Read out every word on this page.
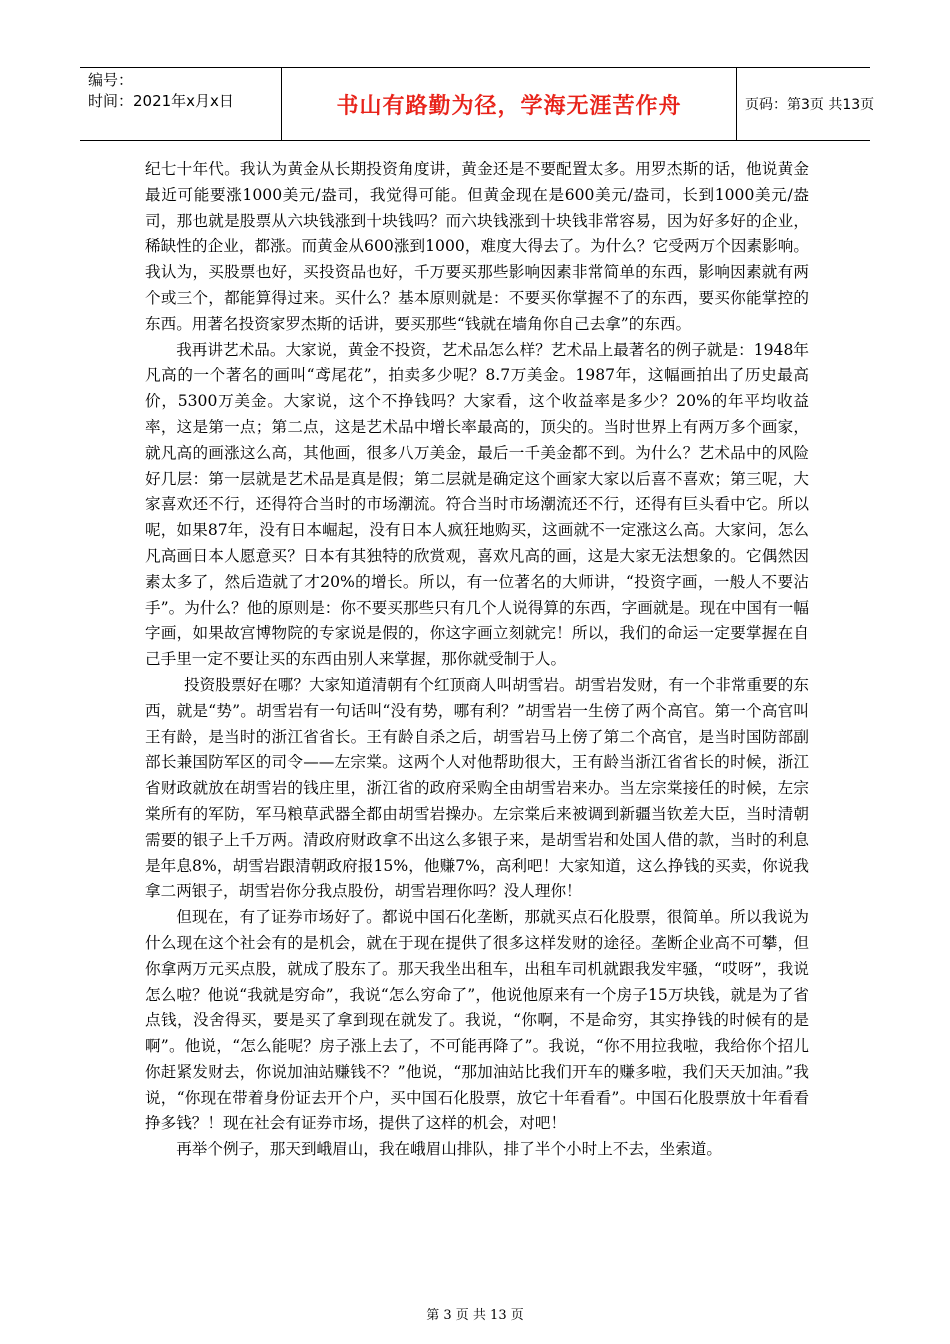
编号：
时间：2021年x月x日	书山有路勤为径，学海无涯苦作舟	页码：第3页 共13页

纪七十年代。我认为黄金从长期投资角度讲，黄金还是不要配置太多。用罗杰斯的话，他说黄金最近可能要涨1000美元/盎司，我觉得可能。但黄金现在是600美元/盎司，长到1000美元/盎司，那也就是股票从六块钱涨到十块钱吗？而六块钱涨到十块钱非常容易，因为好多好的企业，稀缺性的企业，都涨。而黄金从600涨到1000，难度大得去了。为什么？它受两万个因素影响。我认为，买股票也好，买投资品也好，千万要买那些影响因素非常简单的东西，影响因素就有两个或三个，都能算得过来。买什么？基本原则就是：不要买你掌握不了的东西，要买你能掌控的东西。用著名投资家罗杰斯的话讲，要买那些“钱就在墙角你自己去拿”的东西。

我再讲艺术品。大家说，黄金不投资，艺术品怎么样？艺术品上最著名的例子就是：1948年凡高的一个著名的画叫“鸢尾花”，拍卖多少呢？8.7万美金。1987年，这幅画拍出了历史最高价，5300万美金。大家说，这个不挣钱吗？大家看，这个收益率是多少？20%的年平均收益率，这是第一点；第二点，这是艺术品中增长率最高的，顶尖的。当时世界上有两万多个画家，就凡高的画涨这么高，其他画，很多八万美金，最后一千美金都不到。为什么？艺术品中的风险好几层：第一层就是艺术品是真是假；第二层就是确定这个画家大家以后喜不喜欢；第三呢，大家喜欢还不行，还得符合当时的市场潮流。符合当时市场潮流还不行，还得有巨头看中它。所以呢，如果87年，没有日本崛起，没有日本人疯狂地购买，这画就不一定涨这么高。大家问，怎么凡高画日本人愿意买？日本有其独特的欣赏观，喜欢凡高的画，这是大家无法想象的。它偶然因素太多了，然后造就了才20%的增长。所以，有一位著名的大师讲，“投资字画，一般人不要沾手”。为什么？他的原则是：你不要买那些只有几个人说得算的东西，字画就是。现在中国有一幅字画，如果故宫博物院的专家说是假的，你这字画立刻就完！所以，我们的命运一定要掌握在自己手里一定不要让买的东西由别人来掌握，那你就受制于人。

投资股票好在哪？大家知道清朝有个红顶商人叫胡雪岩。胡雪岩发财，有一个非常重要的东西，就是“势”。胡雪岩有一句话叫“没有势，哪有利？”胡雪岩一生傍了两个高官。第一个高官叫王有龄，是当时的浙江省省长。王有龄自杀之后，胡雪岩马上傍了第二个高官，是当时国防部副部长兼国防军区的司令——左宗棠。这两个人对他帮助很大，王有龄当浙江省省长的时候，浙江省财政就放在胡雪岩的钱庄里，浙江省的政府采购全由胡雪岩来办。当左宗棠接任的时候，左宗棠所有的军防，军马粮草武器全都由胡雪岩操办。左宗棠后来被调到新疆当钦差大臣，当时清朝需要的银子上千万两。清政府财政拿不出这么多银子来，是胡雪岩和处国人借的款，当时的利息是年息8%，胡雪岩跟清朝政府报15%，他赚7%，高利吧！大家知道，这么挣钱的买卖，你说我拿二两银子，胡雪岩你分我点股份，胡雪岩理你吗？没人理你！

但现在，有了证券市场好了。都说中国石化垄断，那就买点石化股票，很简单。所以我说为什么现在这个社会有的是机会，就在于现在提供了很多这样发财的途径。垄断企业高不可攀，但你拿两万元买点股，就成了股东了。那天我坐出租车，出租车司机就跟我发牢骚，“哎呀”，我说怎么啦？他说“我就是穷命”，我说“怎么穷命了”，他说他原来有一个房子15万块钱，就是为了省点钱，没舍得买，要是买了拿到现在就发了。我说，“你啊，不是命穷，其实挣钱的时候有的是啊”。他说，“怎么能呢？房子涨上去了，不可能再降了”。我说，“你不用拉我啦，我给你个招儿你赶紧发财去，你说加油站赚钱不？”他说，“那加油站比我们开车的赚多啦，我们天天加油。”我说，“你现在带着身份证去开个户，买中国石化股票，放它十年看看”。中国石化股票放十年看看挣多钱？！现在社会有证券市场，提供了这样的机会，对吧！

再举个例子，那天到峨眉山，我在峨眉山排队，排了半个小时上不去，坐索道。

第 3 页 共 13 页
